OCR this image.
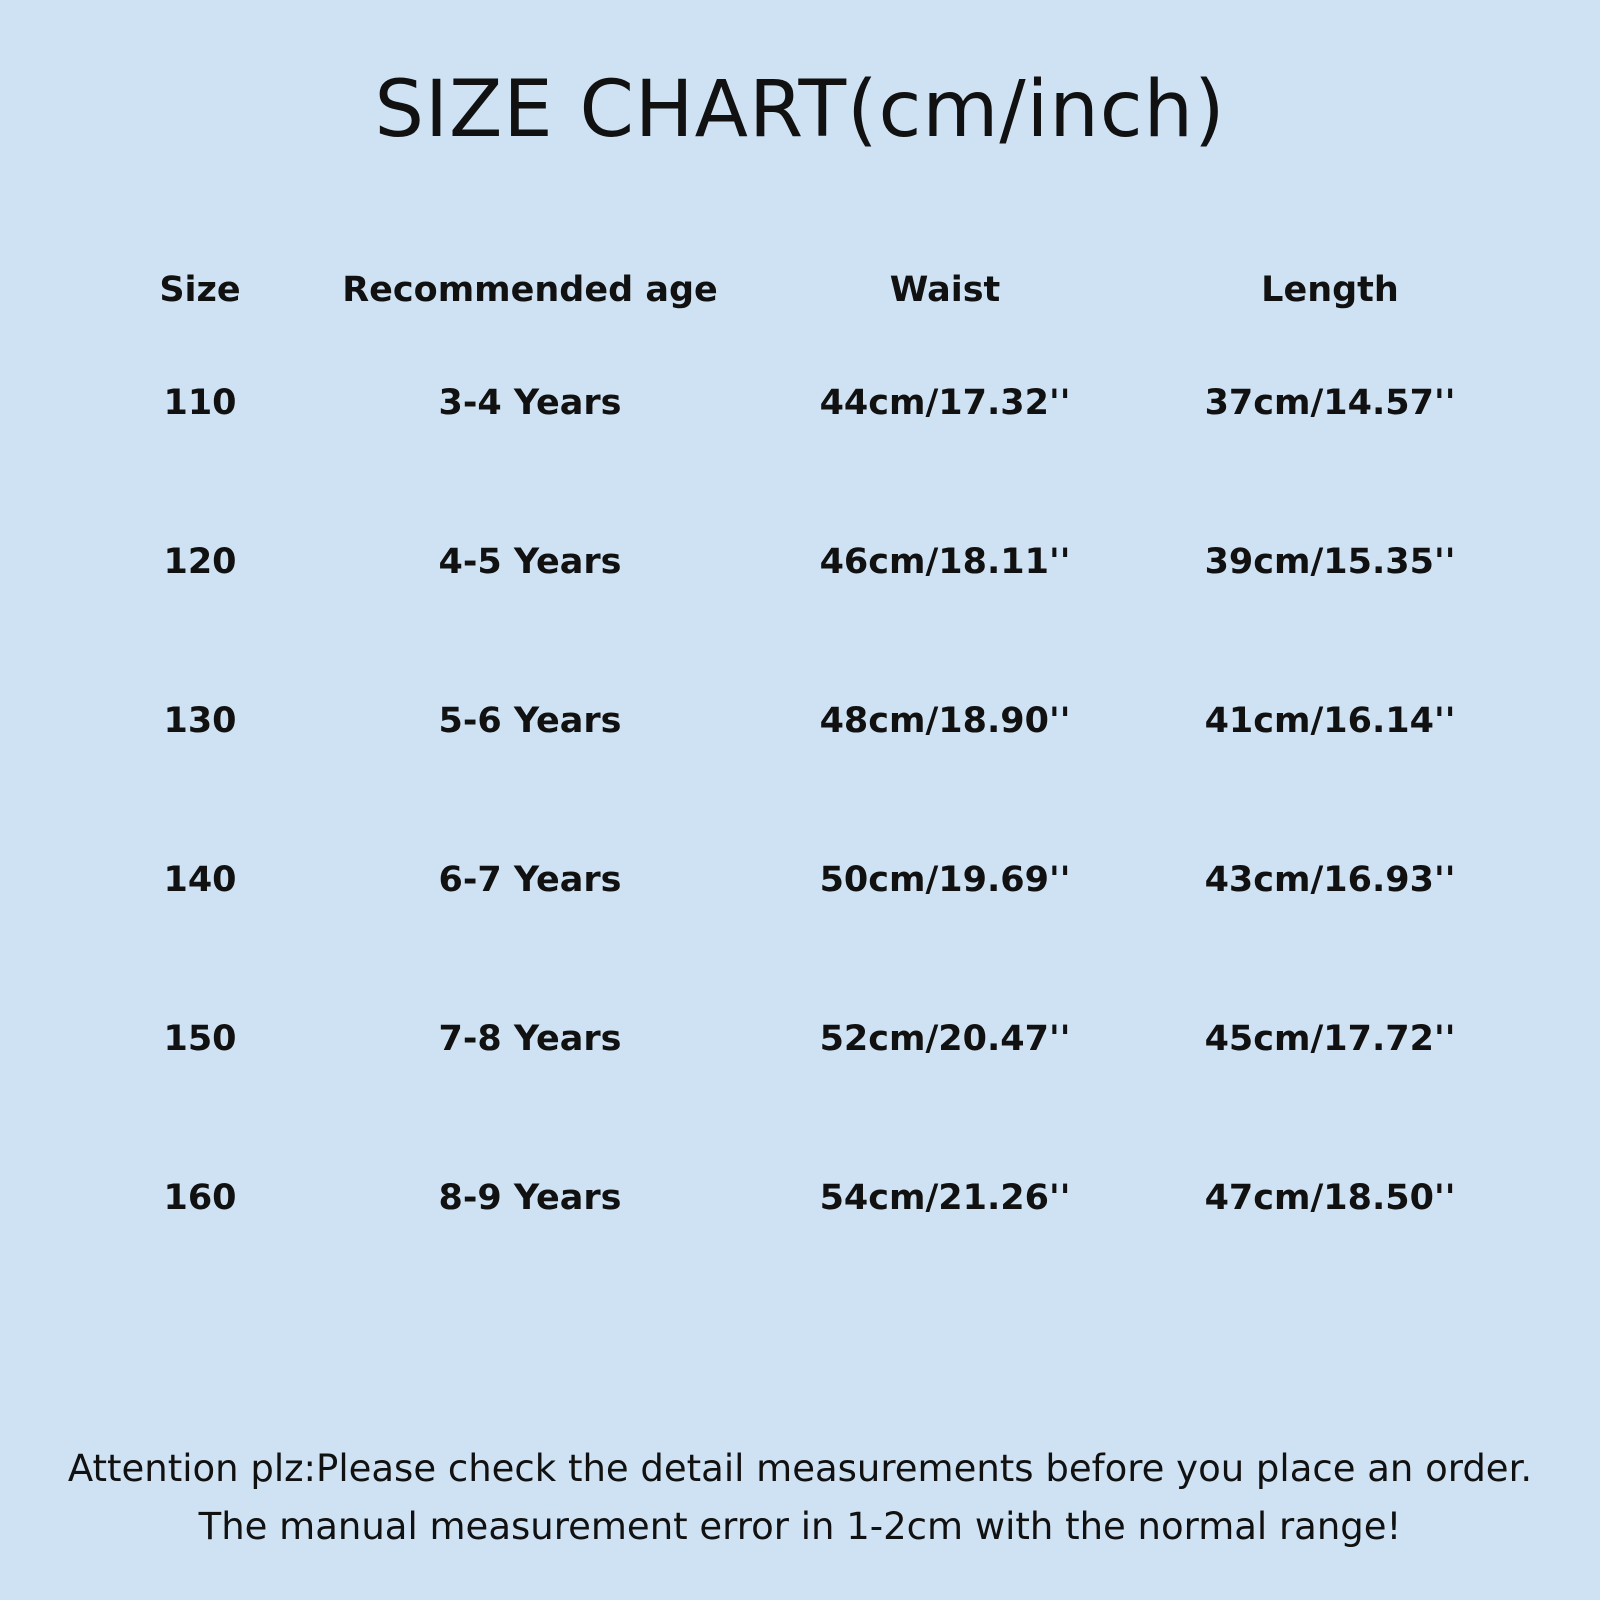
SIZE CHART(cm/inch)
Size	Recommended age	Waist	Length
110	3-4 Years	44cm/17.32''	37cm/14.57''
120	4-5 Years	46cm/18.11''	39cm/15.35''
130	5-6 Years	48cm/18.90''	41cm/16.14''
140	6-7 Years	50cm/19.69''	43cm/16.93''
150	7-8 Years	52cm/20.47''	45cm/17.72''
160	8-9 Years	54cm/21.26''	47cm/18.50''
Attention plz:Please check the detail measurements before you place an order.
The manual measurement error in 1-2cm with the normal range!
